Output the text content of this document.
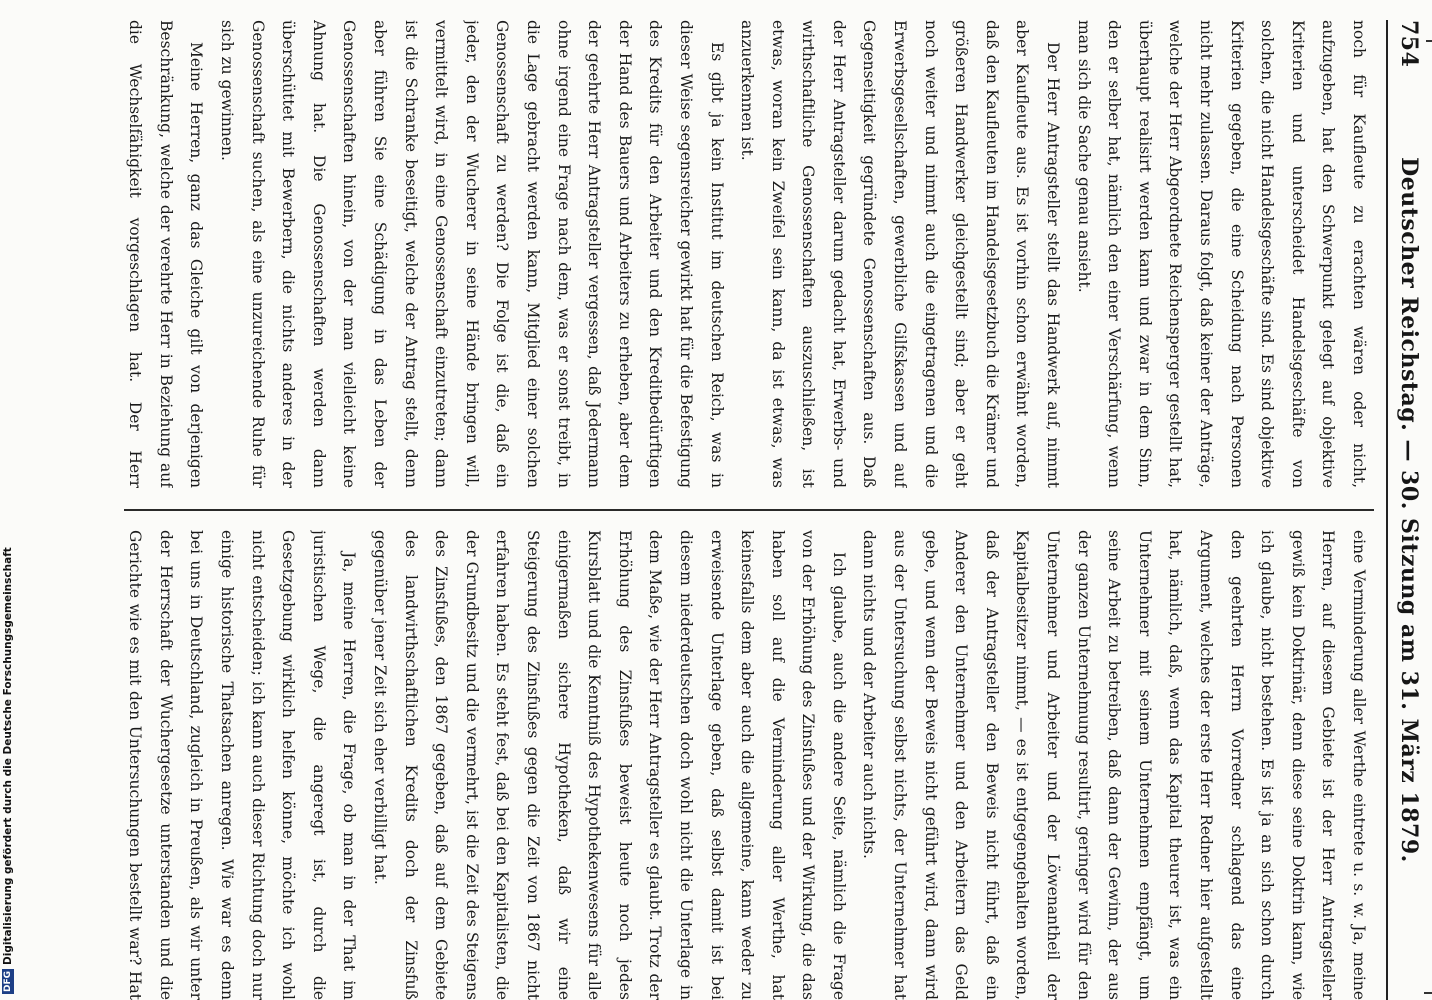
DFGDigitalisierung gefördert durch die Deutsche Forschungsgemeinschaft
754
Deutscher Reichstag. — 30. Sitzung am 31. März 1879.

noch für Kaufleute zu erachten wären oder nicht, aufzugeben, hat den Schwerpunkt gelegt auf objektive Kriterien und unterscheidet Handelsgeschäfte von solchen, die nicht Handelsgeschäfte sind. Es sind objektive Kriterien gegeben, die eine Scheidung nach Personen nicht mehr zulassen. Daraus folgt, daß keiner der Anträge, welche der Herr Abgeordnete Reichensperger gestellt hat, überhaupt realisirt werden kann und zwar in dem Sinn, den er selber hat, nämlich den einer Verschärfung, wenn man sich die Sache genau ansieht.

Der Herr Antragsteller stellt das Handwerk auf, nimmt aber Kaufleute aus. Es ist vorhin schon erwähnt worden, daß den Kaufleuten im Handelsgesetzbuch die Krämer und größeren Handwerker gleichgestellt sind; aber er geht noch weiter und nimmt auch die eingetragenen und die Erwerbsgesellschaften, gewerbliche Gilfskassen und auf Gegenseitigkeit gegründete Genossenschaften aus. Daß der Herr Antragsteller darum gedacht hat, Erwerbs- und wirthschaftliche Genossenschaften auszuschließen, ist etwas, woran kein Zweifel sein kann, da ist etwas, was anzuerkennen ist.

Es gibt ja kein Institut im deutschen Reich, was in dieser Weise segensreicher gewirkt hat für die Befestigung des Kredits für den Arbeiter und den Kreditbedürftigen der Hand des Bauers und Arbeiters zu erheben, aber dem der geehrte Herr Antragsteller vergessen, daß Jedermann ohne irgend eine Frage nach dem, was er sonst treibt, in die Lage gebracht werden kann, Mitglied einer solchen Genossenschaft zu werden? Die Folge ist die, daß ein jeder, den der Wucherer in seine Hände bringen will, vermittelt wird, in eine Genossenschaft einzutreten; dann ist die Schranke beseitigt, welche der Antrag stellt, denn aber führen Sie eine Schädigung in das Leben der Genossenschaften hinein, von der man vielleicht keine Ahnung hat. Die Genossenschaften werden dann überschüttet mit Bewerbern, die nichts anderes in der Genossenschaft suchen, als eine unzureichende Ruhe für sich zu gewinnen.

Meine Herren, ganz das Gleiche gilt von derjenigen Beschränkung, welche der verehrte Herr in Beziehung auf die Wechselfähigkeit vorgeschlagen hat. Der Herr

eine Verminderung aller Werthe eintrete u. s. w. Ja, meine Herren, auf diesem Gebiete ist der Herr Antragsteller gewiß kein Doktrinär, denn diese seine Doktrin kann, wie ich glaube, nicht bestehen. Es ist ja an sich schon durch den geehrten Herrn Vorredner schlagend das eine Argument, welches der erste Herr Redner hier aufgestellt hat, nämlich, daß, wenn das Kapital theurer ist, was ein Unternehmer mit seinem Unternehmen empfängt, um seine Arbeit zu betreiben, daß dann der Gewinn, der aus der ganzen Unternehmung resultirt, geringer wird für den Unternehmer und Arbeiter und der Löwenantheil der Kapitalbesitzer nimmt, — es ist entgegengehalten worden, daß der Antragsteller den Beweis nicht führt, daß ein Anderer den Unternehmer und den Arbeitern das Geld gebe, und wenn der Beweis nicht geführt wird, dann wird aus der Untersuchung selbst nichts, der Unternehmer hat dann nichts und der Arbeiter auch nichts.

Ich glaube, auch die andere Seite, nämlich die Frage von der Erhöhung des Zinsfußes und der Wirkung, die das haben soll auf die Verminderung aller Werthe, hat keinesfalls dem aber auch die allgemeine, kann weder zu erweisende Unterlage geben, daß selbst damit ist bei diesem niederdeutschen doch wohl nicht die Unterlage in dem Maße, wie der Herr Antragsteller es glaubt. Trotz der Erhöhung des Zinsfußes beweist heute noch jedes Kursblatt und die Kenntniß des Hypothekenwesens für alle einigermaßen sichere Hypotheken, daß wir eine Steigerung des Zinsfußes gegen die Zeit von 1867 nicht erfahren haben. Es steht fest, daß bei den Kapitalisten, die der Grundbesitz und die vermehrt, ist die Zeit des Steigens des Zinsfußes, den 1867 gegeben, daß auf dem Gebiete des landwirthschaftlichen Kredits doch der Zinsfuß gegenüber jener Zeit sich eher verbilligt hat.

Ja, meine Herren, die Frage, ob man in der That im juristischen Wege, die angeregt ist, durch die Gesetzgebung wirklich helfen könne, möchte ich wohl nicht entscheiden; ich kann auch dieser Richtung doch nur einige historische Thatsachen anregen. Wie war es denn bei uns in Deutschland, zugleich in Preußen, als wir unter der Herrschaft der Wuchergesetze unterstanden und die Gerichte wie es mit den Untersuchungen bestellt war? Hat
